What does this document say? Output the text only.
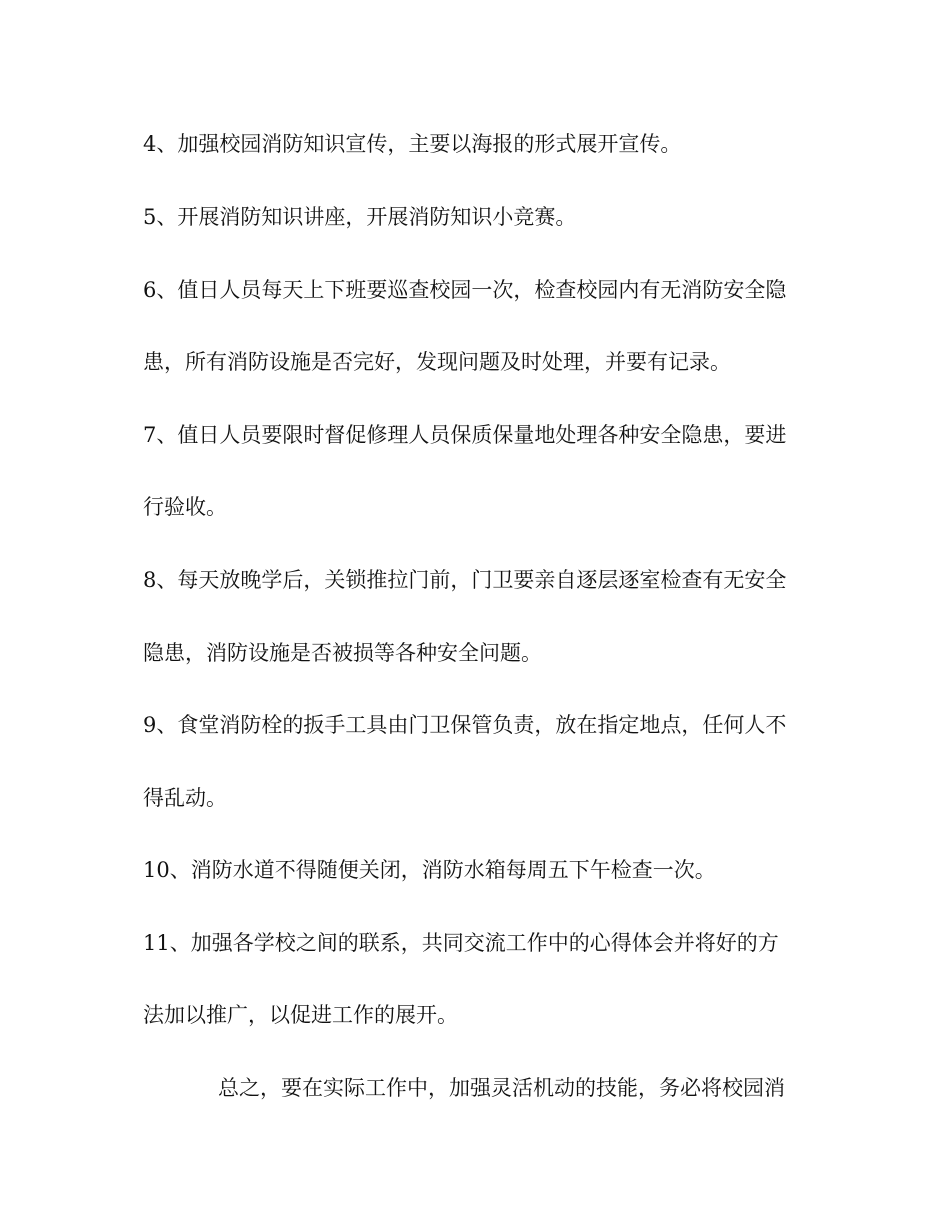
4、加强校园消防知识宣传，主要以海报的形式展开宣传。
5、开展消防知识讲座，开展消防知识小竞赛。
6、值日人员每天上下班要巡查校园一次，检查校园内有无消防安全隐
患，所有消防设施是否完好，发现问题及时处理，并要有记录。
7、值日人员要限时督促修理人员保质保量地处理各种安全隐患，要进
行验收。
8、每天放晚学后，关锁推拉门前，门卫要亲自逐层逐室检查有无安全
隐患，消防设施是否被损等各种安全问题。
9、食堂消防栓的扳手工具由门卫保管负责，放在指定地点，任何人不
得乱动。
10、消防水道不得随便关闭，消防水箱每周五下午检查一次。
11、加强各学校之间的联系，共同交流工作中的心得体会并将好的方
法加以推广，以促进工作的展开。
总之，要在实际工作中，加强灵活机动的技能，务必将校园消
